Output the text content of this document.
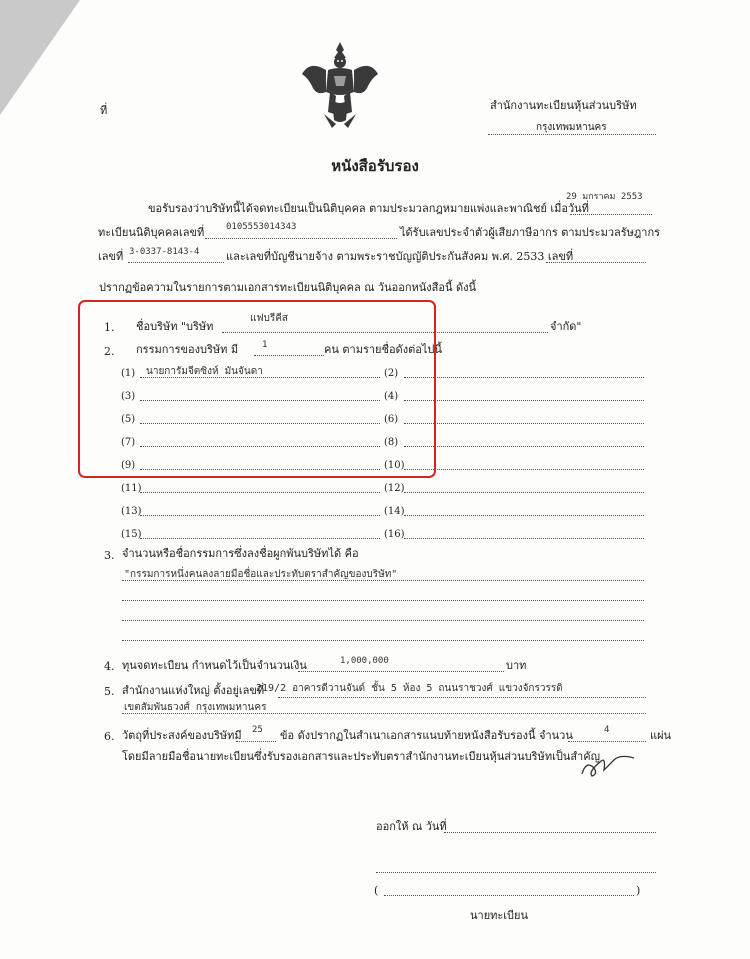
ที่	สำนักงานทะเบียนหุ้นส่วนบริษัท
กรุงเทพมหานคร
หนังสือรับรอง
29 มกราคม 2553
ขอรับรองว่าบริษัทนี้ได้จดทะเบียนเป็นนิติบุคคล ตามประมวลกฎหมายแพ่งและพาณิชย์ เมื่อวันที่
ทะเบียนนิติบุคคลเลขที่ 0105553014343	ได้รับเลขประจำตัวผู้เสียภาษีอากร ตามประมวลรัษฎากร
เลขที่ 3-0337-8143-4 และเลขที่บัญชีนายจ้าง ตามพระราชบัญญัติประกันสังคม พ.ศ. 2533 เลขที่
ปรากฏข้อความในรายการตามเอกสารทะเบียนนิติบุคคล ณ วันออกหนังสือนี้ ดังนี้
1. ชื่อบริษัท "บริษัท
แฟบรีคีส
จำกัด"
2. กรรมการของบริษัท มี	1	คน ตามรายชื่อดังต่อไปนี้
(1) นายการัมจีตซิงห์ มันจันดา	(2)
(3)	(4)
(5)	(6)
(7)	(8)
(9)	(10)
(11)	(12)
(13)	(14)
(15)	(16)
3. จำนวนหรือชื่อกรรมการซึ่งลงชื่อผูกพันบริษัทได้ คือ
"กรรมการหนึ่งคนลงลายมือชื่อและประทับตราสำคัญของบริษัท"
4. ทุนจดทะเบียน กำหนดไว้เป็นจำนวนเงิน	1,000,000	บาท
5. สำนักงานแห่งใหญ่ ตั้งอยู่เลขที่
219/2 อาคารดีวานจันด์ ชั้น 5 ห้อง 5 ถนนราชวงศ์ แขวงจักรวรรดิ
เขตสัมพันธวงศ์ กรุงเทพมหานคร
6. วัตถุที่ประสงค์ของบริษัทมี 25 ข้อ ดังปรากฏในสำเนาเอกสารแนบท้ายหนังสือรับรองนี้ จำนวน	4	แผ่น
โดยมีลายมือชื่อนายทะเบียนซึ่งรับรองเอกสารและประทับตราสำนักงานทะเบียนหุ้นส่วนบริษัทเป็นสำคัญ
ออกให้ ณ วันที่
(	)
นายทะเบียน
